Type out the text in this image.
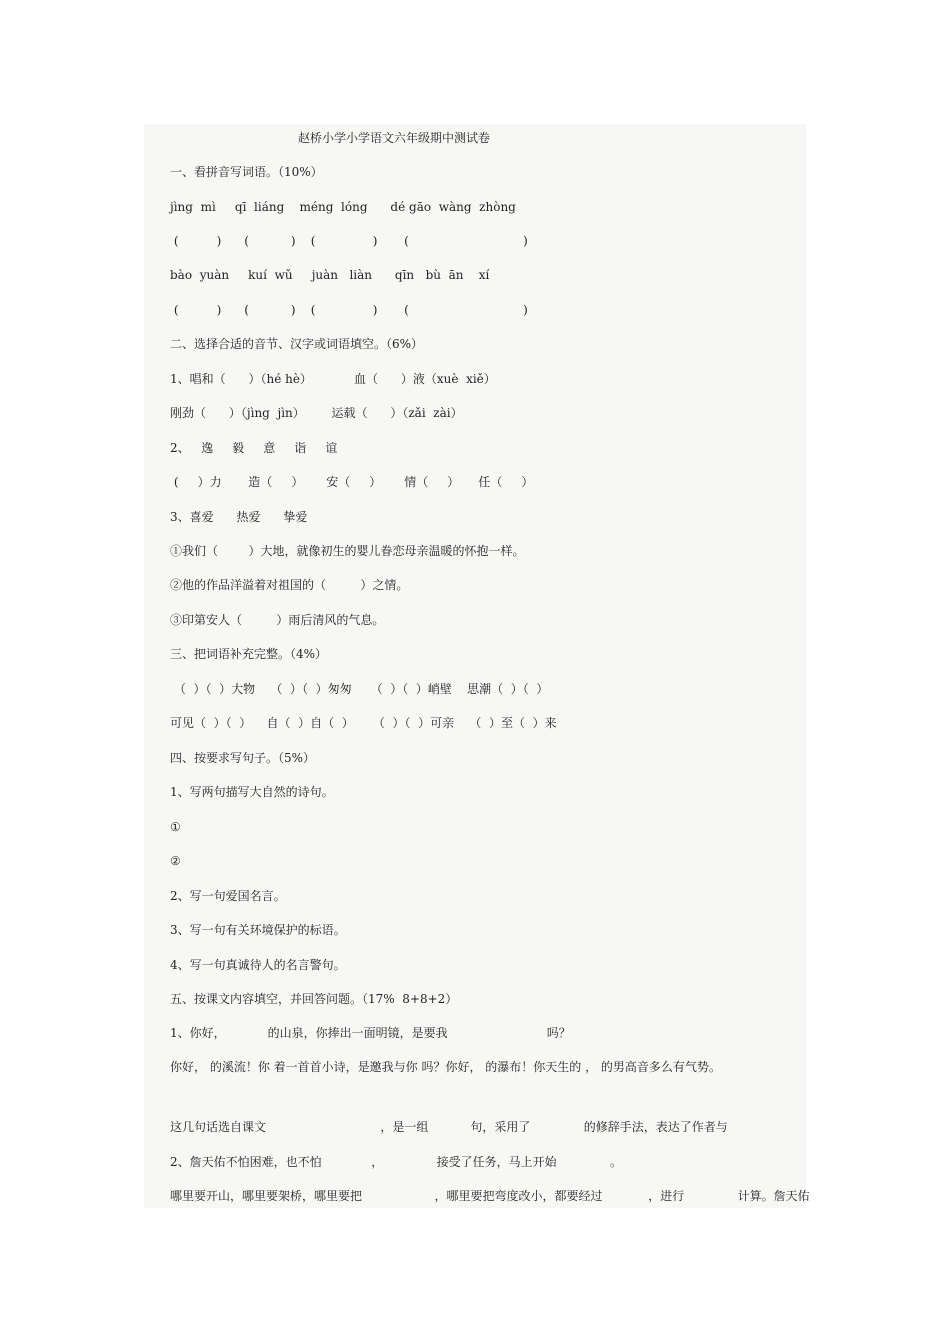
赵桥小学小学语文六年级期中测试卷
一、看拼音写词语。（10%）
jìng  mì     qī  liáng    méng  lóng      dé gāo  wàng  zhòng
(          )      (           )    (               )       (                              )
bào  yuàn     kuí  wǔ     juàn   liàn      qīn   bù  ān    xí
(          )      (           )    (               )       (                              )
二、选择合适的音节、汉字或词语填空。（6%）
1、唱和（      ）（hé hè）           血（      ）液（xuè  xiě）
刚劲（      ）（jìng  jìn）       运载（      ）（zǎi  zài）
2、   逸     毅     意     诣     谊
(     ）力       造（     ）      安（     ）      情（     ）     任（     ）
3、喜爱      热爱      挚爱
①我们（        ）大地，就像初生的婴儿眷恋母亲温暖的怀抱一样。
②他的作品洋溢着对祖国的（         ）之情。
③印第安人（         ）雨后清风的气息。
三、把词语补充完整。（4%）
（  ）（  ）大物    （  ）（  ）匆匆     （  ）（  ）峭壁    思潮（  ）（  ）
可见（  ）（  ）    自（  ）自（  ）     （  ）（  ）可亲    （  ）至（  ）来
四、按要求写句子。（5%）
1、写两句描写大自然的诗句。
①
②
2、写一句爱国名言。
3、写一句有关环境保护的标语。
4、写一句真诚待人的名言警句。
五、按课文内容填空，并回答问题。（17%  8+8+2）
1、你好，           的山泉，你捧出一面明镜，是要我                          吗？
你好， 的溪流！你 着一首首小诗，是邀我与你 吗？你好， 的瀑布！你天生的 ， 的男高音多么有气势。
这几句话选自课文                              ，是一组           句，采用了              的修辞手法，表达了作者与
2、詹天佑不怕困难，也不怕             ，              接受了任务，马上开始              。
哪里要开山，哪里要架桥，哪里要把                   ，哪里要把弯度改小，都要经过            ，进行              计算。詹天佑
